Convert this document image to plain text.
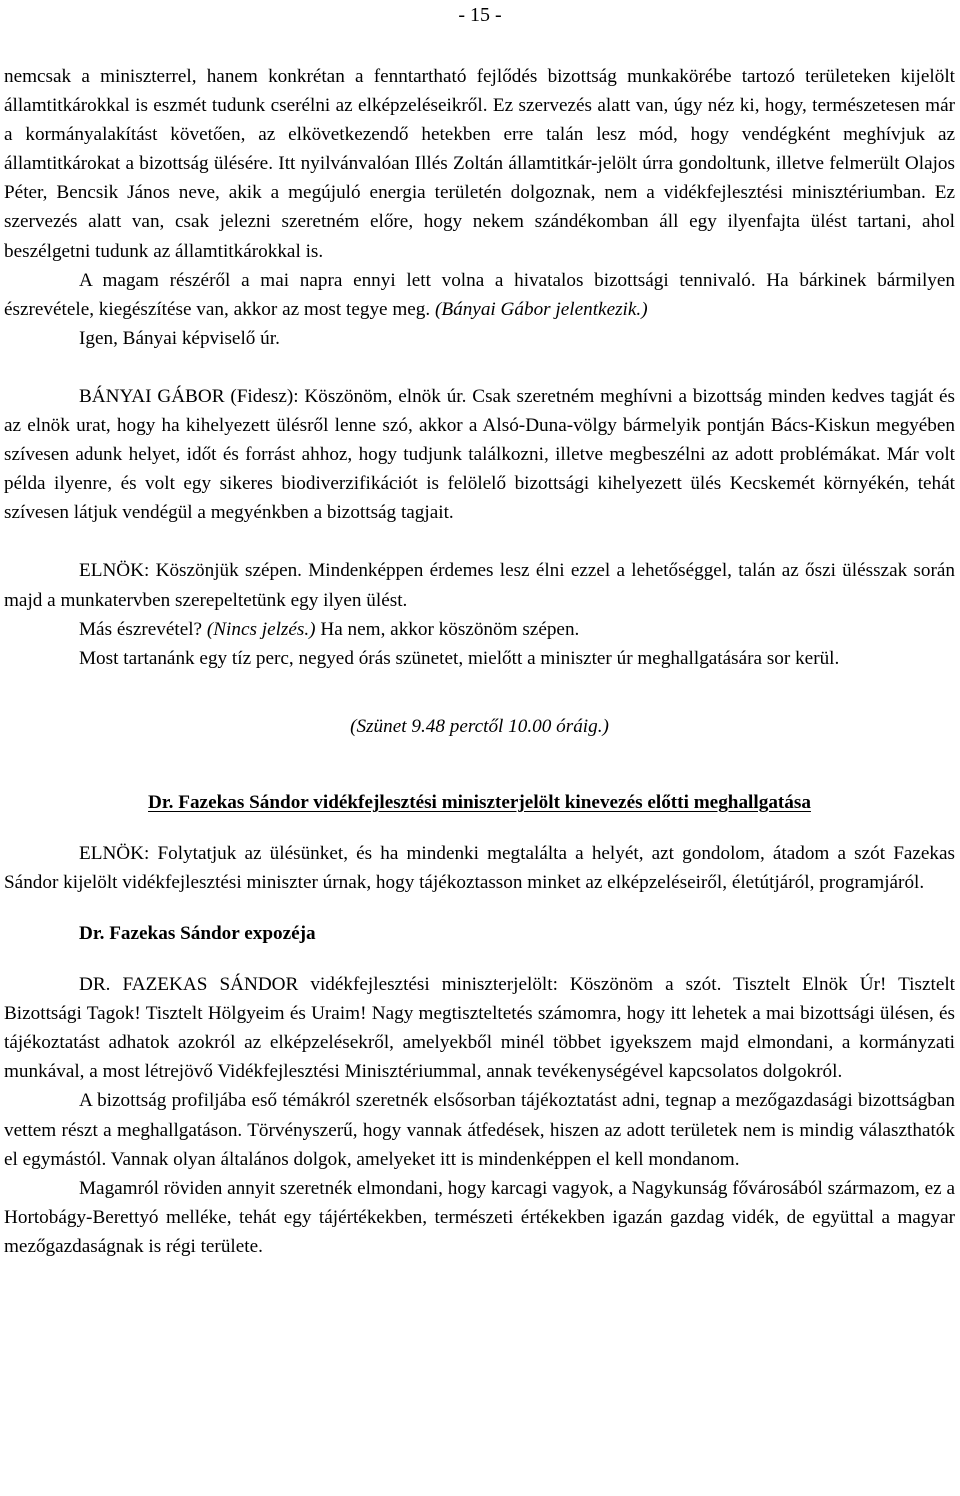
- 15 -

nemcsak a miniszterrel, hanem konkrétan a fenntartható fejlődés bizottság munkakörébe tartozó területeken kijelölt államtitkárokkal is eszmét tudunk cserélni az elképzeléseikről. Ez szervezés alatt van, úgy néz ki, hogy, természetesen már a kormányalakítást követően, az elkövetkezendő hetekben erre talán lesz mód, hogy vendégként meghívjuk az államtitkárokat a bizottság ülésére. Itt nyilvánvalóan Illés Zoltán államtitkár-jelölt úrra gondoltunk, illetve felmerült Olajos Péter, Bencsik János neve, akik a megújuló energia területén dolgoznak, nem a vidékfejlesztési minisztériumban. Ez szervezés alatt van, csak jelezni szeretném előre, hogy nekem szándékomban áll egy ilyenfajta ülést tartani, ahol beszélgetni tudunk az államtitkárokkal is.

A magam részéről a mai napra ennyi lett volna a hivatalos bizottsági tennivaló. Ha bárkinek bármilyen észrevétele, kiegészítése van, akkor az most tegye meg. (Bányai Gábor jelentkezik.)

Igen, Bányai képviselő úr.

BÁNYAI GÁBOR (Fidesz): Köszönöm, elnök úr. Csak szeretném meghívni a bizottság minden kedves tagját és az elnök urat, hogy ha kihelyezett ülésről lenne szó, akkor a Alsó-Duna-völgy bármelyik pontján Bács-Kiskun megyében szívesen adunk helyet, időt és forrást ahhoz, hogy tudjunk találkozni, illetve megbeszélni az adott problémákat. Már volt példa ilyenre, és volt egy sikeres biodiverzifikációt is felölelő bizottsági kihelyezett ülés Kecskemét környékén, tehát szívesen látjuk vendégül a megyénkben a bizottság tagjait.

ELNÖK: Köszönjük szépen. Mindenképpen érdemes lesz élni ezzel a lehetőséggel, talán az őszi ülésszak során majd a munkatervben szerepeltetünk egy ilyen ülést.

Más észrevétel? (Nincs jelzés.) Ha nem, akkor köszönöm szépen.

Most tartanánk egy tíz perc, negyed órás szünetet, mielőtt a miniszter úr meghallgatására sor kerül.

(Szünet 9.48 perctől 10.00 óráig.)

Dr. Fazekas Sándor vidékfejlesztési miniszterjelölt kinevezés előtti meghallgatása

ELNÖK: Folytatjuk az ülésünket, és ha mindenki megtalálta a helyét, azt gondolom, átadom a szót Fazekas Sándor kijelölt vidékfejlesztési miniszter úrnak, hogy tájékoztasson minket az elképzeléseiről, életútjáról, programjáról.

Dr. Fazekas Sándor expozéja

DR. FAZEKAS SÁNDOR vidékfejlesztési miniszterjelölt: Köszönöm a szót. Tisztelt Elnök Úr! Tisztelt Bizottsági Tagok! Tisztelt Hölgyeim és Uraim! Nagy megtiszteltetés számomra, hogy itt lehetek a mai bizottsági ülésen, és tájékoztatást adhatok azokról az elképzelésekről, amelyekből minél többet igyekszem majd elmondani, a kormányzati munkával, a most létrejövő Vidékfejlesztési Minisztériummal, annak tevékenységével kapcsolatos dolgokról.

A bizottság profiljába eső témákról szeretnék elsősorban tájékoztatást adni, tegnap a mezőgazdasági bizottságban vettem részt a meghallgatáson. Törvényszerű, hogy vannak átfedések, hiszen az adott területek nem is mindig választhatók el egymástól. Vannak olyan általános dolgok, amelyeket itt is mindenképpen el kell mondanom.

Magamról röviden annyit szeretnék elmondani, hogy karcagi vagyok, a Nagykunság fővárosából származom, ez a Hortobágy-Berettyó melléke, tehát egy tájértékekben, természeti értékekben igazán gazdag vidék, de együttal a magyar mezőgazdaságnak is régi területe.
